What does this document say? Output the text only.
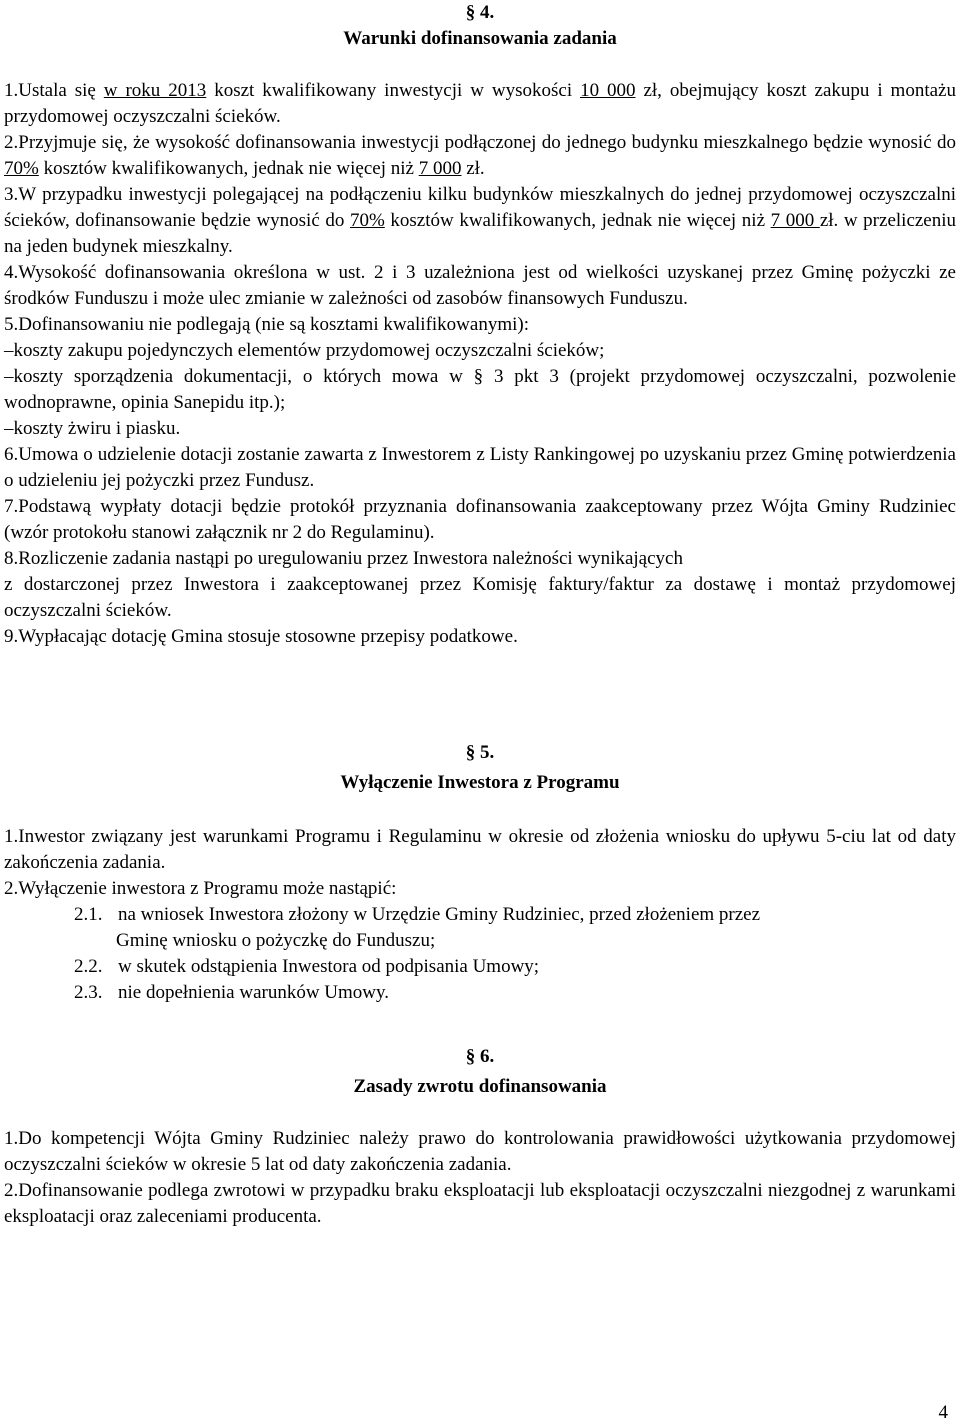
§ 4.

Warunki dofinansowania zadania

1.Ustala się w roku 2013 koszt kwalifikowany inwestycji w wysokości 10 000 zł, obejmujący koszt zakupu i montażu przydomowej oczyszczalni ścieków.

2.Przyjmuje się, że wysokość dofinansowania inwestycji podłączonej do jednego budynku mieszkalnego będzie wynosić do 70% kosztów kwalifikowanych, jednak nie więcej niż 7 000 zł.

3.W przypadku inwestycji polegającej na podłączeniu kilku budynków mieszkalnych do jednej przydomowej oczyszczalni ścieków, dofinansowanie będzie wynosić do 70% kosztów kwalifikowanych, jednak nie więcej niż 7 000 zł. w przeliczeniu na jeden budynek mieszkalny.

4.Wysokość dofinansowania określona w ust. 2 i 3 uzależniona jest od wielkości uzyskanej przez Gminę pożyczki ze środków Funduszu i może ulec zmianie w zależności od zasobów finansowych Funduszu.

5.Dofinansowaniu nie podlegają (nie są kosztami kwalifikowanymi):

–koszty zakupu pojedynczych elementów przydomowej oczyszczalni ścieków;

–koszty sporządzenia dokumentacji, o których mowa w § 3 pkt 3 (projekt przydomowej oczyszczalni, pozwolenie wodnoprawne, opinia Sanepidu itp.);

–koszty żwiru i piasku.

6.Umowa o udzielenie dotacji zostanie zawarta z Inwestorem z Listy Rankingowej po uzyskaniu przez Gminę potwierdzenia o udzieleniu jej pożyczki przez Fundusz.

7.Podstawą wypłaty dotacji będzie protokół przyznania dofinansowania zaakceptowany przez Wójta Gminy Rudziniec (wzór protokołu stanowi załącznik nr 2 do Regulaminu).

8.Rozliczenie zadania nastąpi po uregulowaniu przez Inwestora należności wynikających

z dostarczonej przez Inwestora i zaakceptowanej przez Komisję faktury/faktur za dostawę i montaż przydomowej oczyszczalni ścieków.

9.Wypłacając dotację Gmina stosuje stosowne przepisy podatkowe.

§ 5.

Wyłączenie Inwestora z Programu

1.Inwestor związany jest warunkami Programu i Regulaminu w okresie od złożenia wniosku do upływu 5-ciu lat od daty zakończenia zadania.

2.Wyłączenie inwestora z Programu może nastąpić:

2.1. na wniosek Inwestora złożony w Urzędzie Gminy Rudziniec, przed złożeniem przez

Gminę wniosku o pożyczkę do Funduszu;

2.2. w skutek odstąpienia Inwestora od podpisania Umowy;

2.3. nie dopełnienia warunków Umowy.

§ 6.

Zasady zwrotu dofinansowania

1.Do kompetencji Wójta Gminy Rudziniec należy prawo do kontrolowania prawidłowości użytkowania przydomowej oczyszczalni ścieków w okresie 5 lat od daty zakończenia zadania.

2.Dofinansowanie podlega zwrotowi w przypadku braku eksploatacji lub eksploatacji oczyszczalni niezgodnej z warunkami eksploatacji oraz zaleceniami producenta.

4
